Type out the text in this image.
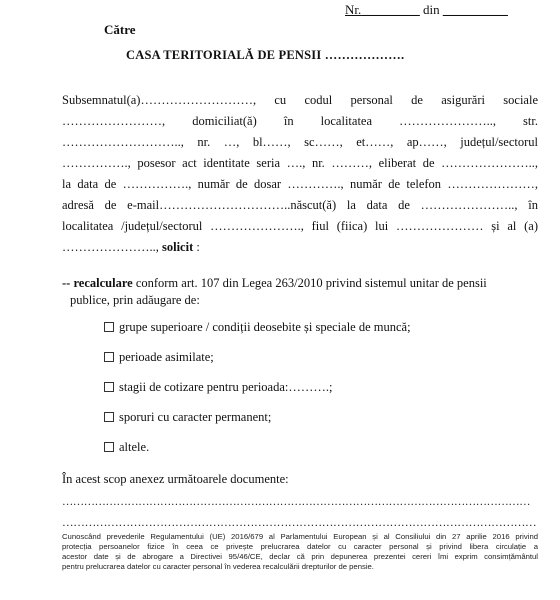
Nr._________ din __________
Către
CASA TERITORIALĂ DE PENSII ……………….
Subsemnatul(a)………………………, cu codul personal de asigurări sociale
……………………, domiciliat(ă) în localitatea ………………….., str.
……………………….., nr. …, bl……, sc……, et……, ap……, județul/sectorul
……………., posesor act identitate seria …., nr. ………, eliberat de …………………..,
la data de ……………., număr de dosar …………., număr de telefon …………………,
adresă de e-mail…………………………..născut(ă) la data de ………………….., în
localitatea /județul/sectorul …………………., fiul (fiica) lui ………………… și al (a)
………………….., solicit :
-- recalculare conform art. 107 din Legea 263/2010 privind sistemul unitar de pensii
publice, prin adăugare de:
grupe superioare / condiții deosebite și speciale de muncă;
perioade asimilate;
stagii de cotizare pentru perioada:……….;
sporuri cu caracter permanent;
altele.
În acest scop anexez următoarele documente:
…………………………………………………………………………………………………………………
………………………………………………………………………………………………………………
Cunoscând prevederile Regulamentului (UE) 2016/679 al Parlamentului European și al Consiliului din 27 aprilie 2016 privind
protecția persoanelor fizice în ceea ce privește prelucrarea datelor cu caracter personal și privind libera circulație a
acestor date și de abrogare a Directivei 95/46/CE, declar că prin depunerea prezentei cereri îmi exprim consimțământul
pentru prelucrarea datelor cu caracter personal în vederea recalculării drepturilor de pensie.
